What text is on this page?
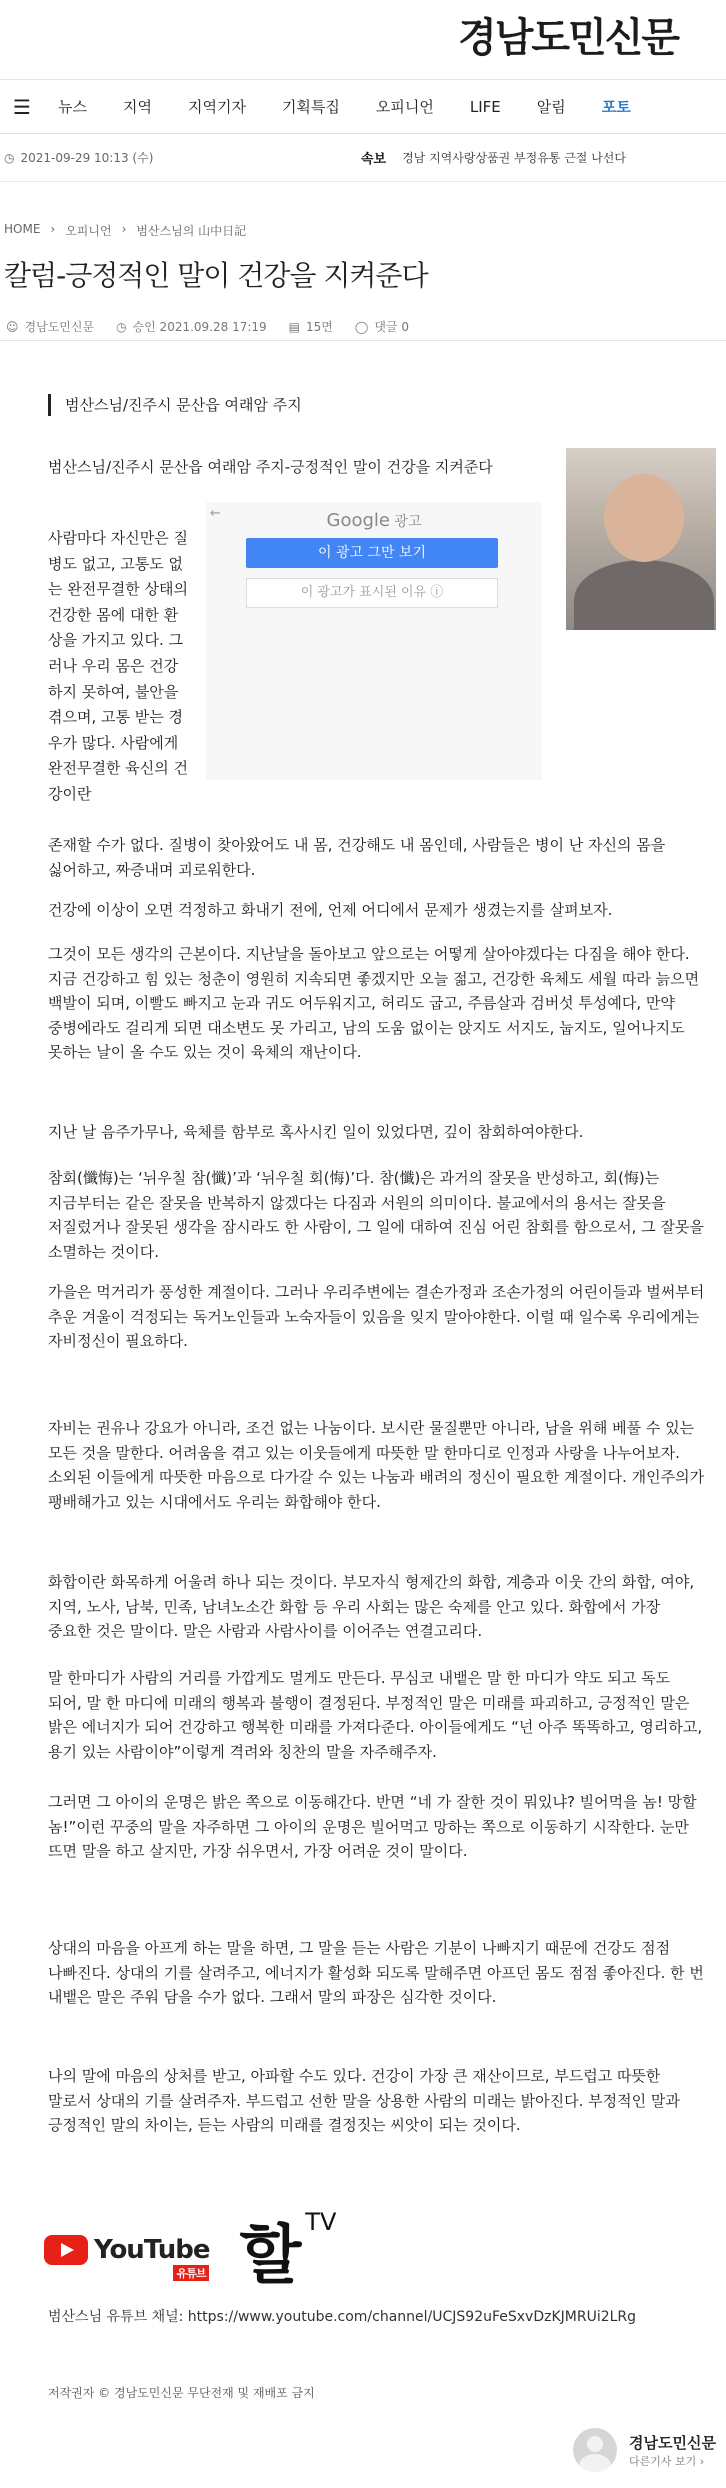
경남도민신문
☰	뉴스	지역	지역기자	기획특집	오피니언	LIFE	알림	포토
◷ 2021-09-29 10:13 (수)	속보 경남 지역사랑상품권 부정유통 근절 나선다
HOME › 오피니언 › 범산스님의 山中日記
칼럼-긍정적인 말이 건강을 지켜준다
☺ 경남도민신문 ◷ 승인 2021.09.28 17:19 ▤ 15면 ◯ 댓글 0
범산스님/진주시 문산읍 여래암 주지
범산스님/진주시 문산읍 여래암 주지-긍정적인 말이 건강을 지켜준다
←	Google 광고
이 광고 그만 보기
이 광고가 표시된 이유 ⓘ
사람마다 자신만은 질병도 없고, 고통도 없는 완전무결한 상태의 건강한 몸에 대한 환상을 가지고 있다. 그러나 우리 몸은 건강하지 못하여, 불안을 겪으며, 고통 받는 경우가 많다. 사람에게 완전무결한 육신의 건강이란
존재할 수가 없다. 질병이 찾아왔어도 내 몸, 건강해도 내 몸인데, 사람들은 병이 난 자신의 몸을 싫어하고, 짜증내며 괴로워한다.
건강에 이상이 오면 걱정하고 화내기 전에, 언제 어디에서 문제가 생겼는지를 살펴보자.
그것이 모든 생각의 근본이다. 지난날을 돌아보고 앞으로는 어떻게 살아야겠다는 다짐을 해야 한다. 지금 건강하고 힘 있는 청춘이 영원히 지속되면 좋겠지만 오늘 젊고, 건강한 육체도 세월 따라 늙으면 백발이 되며, 이빨도 빠지고 눈과 귀도 어두워지고, 허리도 굽고, 주름살과 검버섯 투성예다, 만약 중병에라도 걸리게 되면 대소변도 못 가리고, 남의 도움 없이는 앉지도 서지도, 눕지도, 일어나지도 못하는 날이 올 수도 있는 것이 육체의 재난이다.
지난 날 음주가무나, 육체를 함부로 혹사시킨 일이 있었다면, 깊이 참회하여야한다.
참회(懺悔)는 ‘뉘우칠 참(懺)’과 ‘뉘우칠 회(悔)’다. 참(懺)은 과거의 잘못을 반성하고, 회(悔)는 지금부터는 같은 잘못을 반복하지 않겠다는 다짐과 서원의 의미이다. 불교에서의 용서는 잘못을 저질렀거나 잘못된 생각을 잠시라도 한 사람이, 그 일에 대하여 진심 어린 참회를 함으로서, 그 잘못을 소멸하는 것이다.
가을은 먹거리가 풍성한 계절이다. 그러나 우리주변에는 결손가정과 조손가정의 어린이들과 벌써부터 추운 겨울이 걱정되는 독거노인들과 노숙자들이 있음을 잊지 말아야한다. 이럴 때 일수록 우리에게는 자비정신이 필요하다.
자비는 권유나 강요가 아니라, 조건 없는 나눔이다. 보시란 물질뿐만 아니라, 남을 위해 베풀 수 있는 모든 것을 말한다. 어려움을 겪고 있는 이웃들에게 따뜻한 말 한마디로 인정과 사랑을 나누어보자. 소외된 이들에게 따뜻한 마음으로 다가갈 수 있는 나눔과 배려의 정신이 필요한 계절이다. 개인주의가 팽배해가고 있는 시대에서도 우리는 화합해야 한다.
화합이란 화목하게 어울려 하나 되는 것이다. 부모자식 형제간의 화합, 계층과 이웃 간의 화합, 여야, 지역, 노사, 남북, 민족, 남녀노소간 화합 등 우리 사회는 많은 숙제를 안고 있다. 화합에서 가장 중요한 것은 말이다. 말은 사람과 사람사이를 이어주는 연결고리다.
말 한마디가 사람의 거리를 가깝게도 멀게도 만든다. 무심코 내뱉은 말 한 마디가 약도 되고 독도 되어, 말 한 마디에 미래의 행복과 불행이 결정된다. 부정적인 말은 미래를 파괴하고, 긍정적인 말은 밝은 에너지가 되어 건강하고 행복한 미래를 가져다준다. 아이들에게도 “넌 아주 똑똑하고, 영리하고, 용기 있는 사람이야”이렇게 격려와 칭찬의 말을 자주해주자.
그러면 그 아이의 운명은 밝은 쪽으로 이동해간다. 반면 “네 가 잘한 것이 뭐있냐? 빌어먹을 놈! 망할 놈!”이런 꾸중의 말을 자주하면 그 아이의 운명은 빌어먹고 망하는 쪽으로 이동하기 시작한다. 눈만 뜨면 말을 하고 살지만, 가장 쉬우면서, 가장 어려운 것이 말이다.
상대의 마음을 아프게 하는 말을 하면, 그 말을 듣는 사람은 기분이 나빠지기 때문에 건강도 점점 나빠진다. 상대의 기를 살려주고, 에너지가 활성화 되도록 말해주면 아프던 몸도 점점 좋아진다. 한 번 내뱉은 말은 주워 담을 수가 없다. 그래서 말의 파장은 심각한 것이다.
나의 말에 마음의 상처를 받고, 아파할 수도 있다. 건강이 가장 큰 재산이므로, 부드럽고 따뜻한 말로서 상대의 기를 살려주자. 부드럽고 선한 말을 상용한 사람의 미래는 밝아진다. 부정적인 말과 긍정적인 말의 차이는, 듣는 사람의 미래를 결정짓는 씨앗이 되는 것이다.
YouTube
유튜브 할 TV
범산스님 유튜브 채널: https://www.youtube.com/channel/UCJS92uFeSxvDzKJMRUi2LRg
저작권자 © 경남도민신문 무단전재 및 재배포 금지
경남도민신문
다른기사 보기 ›
